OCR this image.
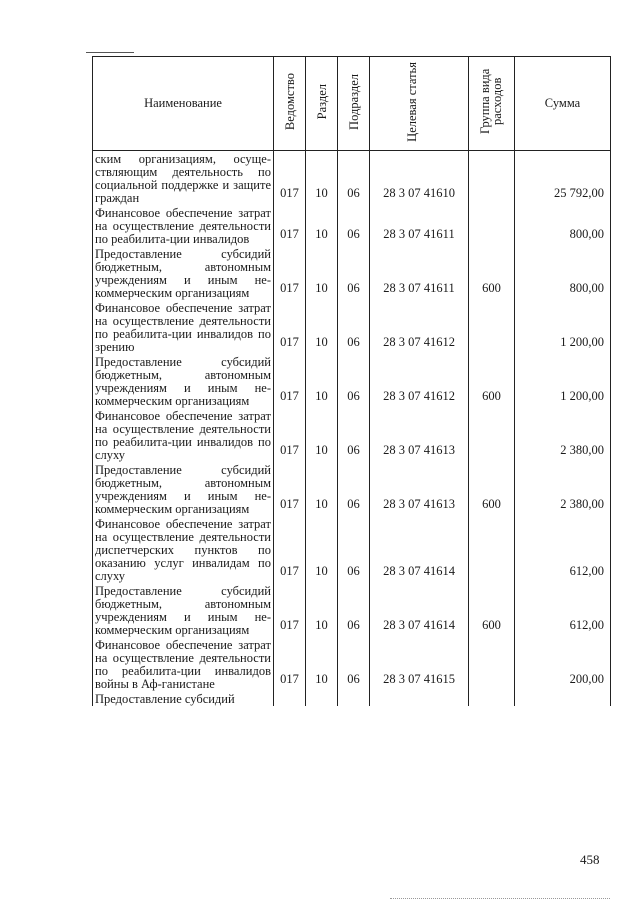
Наименование	Ведомство	Раздел	Подраздел	Целевая статья	Группа вида расходов	Сумма
ским организациям, осуще-ствляющим деятельность по социальной поддержке и защите граждан	017	10	06	28 3 07 41610		25 792,00
Финансовое обеспечение затрат на осуществление деятельности по реабилита-ции инвалидов	017	10	06	28 3 07 41611		800,00
Предоставление субсидий бюджетным, автономным учреждениям и иным не-коммерческим организациям	017	10	06	28 3 07 41611	600	800,00
Финансовое обеспечение затрат на осуществление деятельности по реабилита-ции инвалидов по зрению	017	10	06	28 3 07 41612		1 200,00
Предоставление субсидий бюджетным, автономным учреждениям и иным не-коммерческим организациям	017	10	06	28 3 07 41612	600	1 200,00
Финансовое обеспечение затрат на осуществление деятельности по реабилита-ции инвалидов по слуху	017	10	06	28 3 07 41613		2 380,00
Предоставление субсидий бюджетным, автономным учреждениям и иным не-коммерческим организациям	017	10	06	28 3 07 41613	600	2 380,00
Финансовое обеспечение затрат на осуществление деятельности диспетчерских пунктов по оказанию услуг инвалидам по слуху	017	10	06	28 3 07 41614		612,00
Предоставление субсидий бюджетным, автономным учреждениям и иным не-коммерческим организациям	017	10	06	28 3 07 41614	600	612,00
Финансовое обеспечение затрат на осуществление деятельности по реабилита-ции инвалидов войны в Аф-ганистане	017	10	06	28 3 07 41615		200,00
Предоставление субсидий						
458
